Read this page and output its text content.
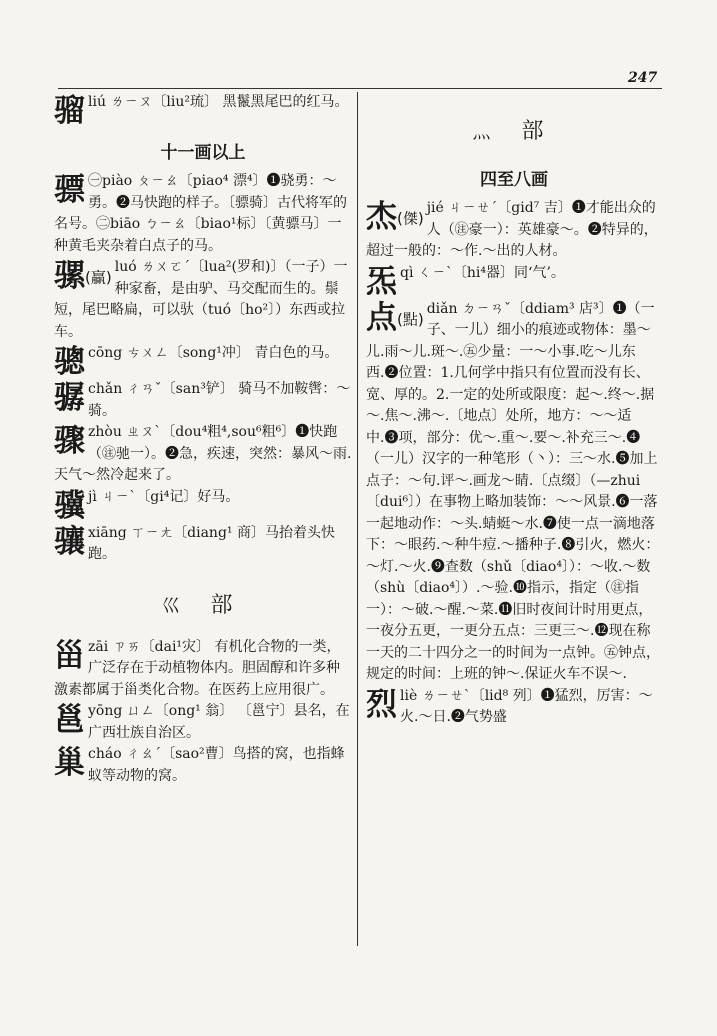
247
骝liú ㄌㄧㄡ〔liu²琉〕 黑鬣黑尾巴的红马。
十一画以上
骠 ㊀piào ㄆㄧㄠ〔piao⁴ 漂⁴〕❶骁勇：～勇。❷马快跑的样子。〔骠骑〕古代将军的名号。㊁biāo ㄅㄧㄠ〔biao¹标〕〔黄骠马〕一种黄毛夹杂着白点子的马。
骡(贏)
luó ㄌㄨㄛˊ〔lua²(罗和)〕（一子）一种家畜，是由驴、马交配而生的。鬃短，尾巴略扁，可以驮（tuó〔ho²〕）东西或拉车。
骢cōng ㄘㄨㄥ〔song¹冲〕 青白色的马。
骣chǎn ㄔㄢˇ〔san³铲〕 骑马不加鞍辔：～骑。
骤zhòu ㄓㄡˋ〔dou⁴粗⁴,sou⁶粗⁶〕❶快跑（㊟驰一）。❷急，疾速，突然：暴风～雨.天气～然冷起来了。
骥jì ㄐㄧˋ〔gi⁴记〕好马。
骧xiāng ㄒㄧㄤ〔diang¹ 商〕马抬着头快跑。
巛 部
甾zāi ㄗㄞ〔dai¹灾〕 有机化合物的一类，广泛存在于动植物体内。胆固醇和许多种激素都属于甾类化合物。在医药上应用很广。
邕yōng ㄩㄥ〔ong¹ 翁〕 〔邕宁〕县名，在广西壮族自治区。
巢cháo ㄔㄠˊ〔sao²曹〕鸟搭的窝，也指蜂蚁等动物的窝。
灬 部
四至八画
杰(傑)
jié ㄐㄧㄝˊ〔gid⁷ 吉〕❶才能出众的人（㊟豪一）：英雄豪～。❷特异的，超过一般的：～作.～出的人材。
炁qì ㄑㄧˋ〔hi⁴器〕同‘气’。
点(點)
diǎn ㄉㄧㄢˇ〔ddiam³ 店³〕❶（一子、一儿）细小的痕迹或物体：墨～儿.雨～儿.斑～.㊄少量：一～小事.吃～儿东西.❷位置：1.几何学中指只有位置而没有长、宽、厚的。2.一定的处所或限度：起～.终～.据～.焦～.沸～.〔地点〕处所，地方：～～适中.❸项，部分：优～.重～.要～.补充三～.❹（一儿）汉字的一种笔形（丶）：三～水.❺加上点子：～句.评～.画龙～睛.〔点缀〕（—zhui〔dui⁶〕）在事物上略加装饰：～～风景.❻一落一起地动作：～头.蜻蜓～水.❼使一点一滴地落下：～眼药.～种牛痘.～播种子.❽引火，燃火：～灯.～火.❾查数（shǔ〔diao⁴〕）：～收.～数（shù〔diao⁴〕）.～验.❿指示，指定（㊟指一）：～破.～醒.～菜.⓫旧时夜间计时用更点，一夜分五更，一更分五点：三更三～.⓬现在称一天的二十四分之一的时间为一点钟。㊄钟点，规定的时间：上班的钟～.保证火车不误～.
烈liè ㄌㄧㄝˋ〔lid⁸ 列〕❶猛烈，厉害：～火.～日.❷气势盛
